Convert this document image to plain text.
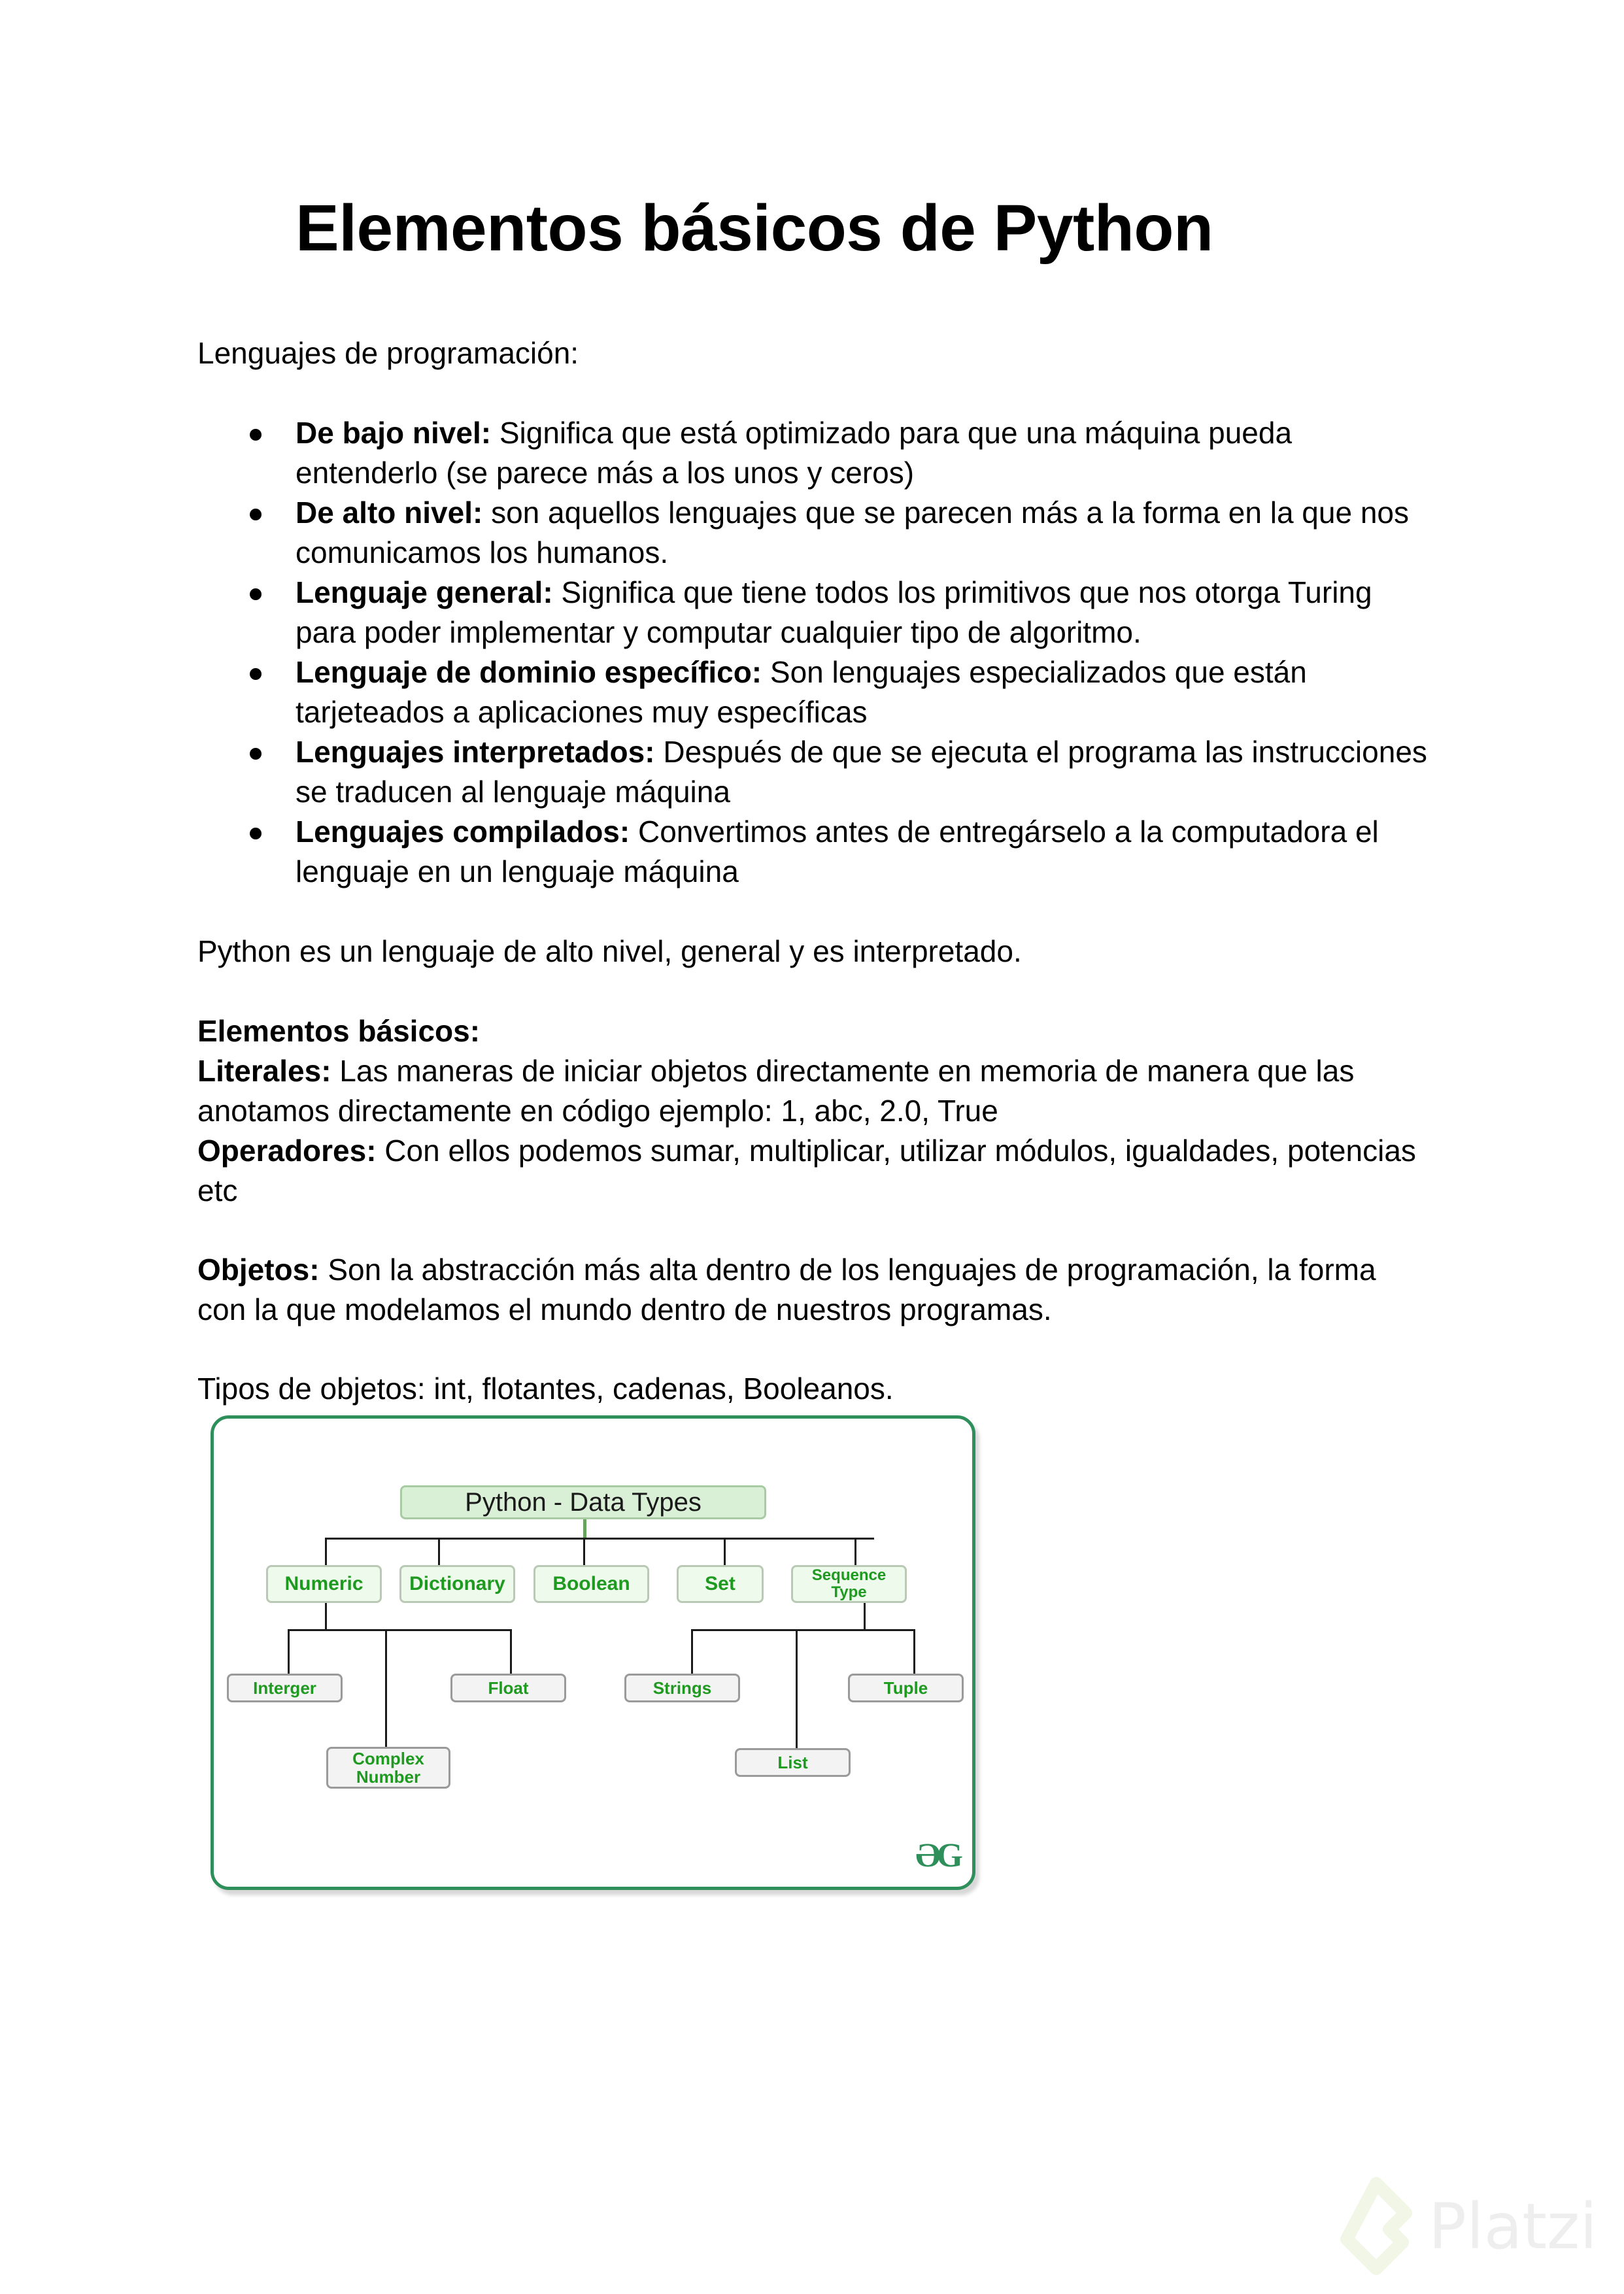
Elementos básicos de Python
Lenguajes de programación:
De bajo nivel: Significa que está optimizado para que una máquina pueda
entenderlo (se parece más a los unos y ceros)
De alto nivel: son aquellos lenguajes que se parecen más a la forma en la que nos
comunicamos los humanos.
Lenguaje general: Significa que tiene todos los primitivos que nos otorga Turing
para poder implementar y computar cualquier tipo de algoritmo.
Lenguaje de dominio específico: Son lenguajes especializados que están
tarjeteados a aplicaciones muy específicas
Lenguajes interpretados: Después de que se ejecuta el programa las instrucciones
se traducen al lenguaje máquina
Lenguajes compilados: Convertimos antes de entregárselo a la computadora el
lenguaje en un lenguaje máquina
Python es un lenguaje de alto nivel, general y es interpretado.
Elementos básicos:
Literales: Las maneras de iniciar objetos directamente en memoria de manera que las
anotamos directamente en código ejemplo: 1, abc, 2.0, True
Operadores: Con ellos podemos sumar, multiplicar, utilizar módulos, igualdades, potencias
etc
Objetos: Son la abstracción más alta dentro de los lenguajes de programación, la forma
con la que modelamos el mundo dentro de nuestros programas.
Tipos de objetos: int, flotantes, cadenas, Booleanos.
Python - Data Types
Numeric	Dictionary	Boolean	Set	Sequence Type
Interger
Complex Number
Float	Strings
List
Tuple
ƏG
Platzi
